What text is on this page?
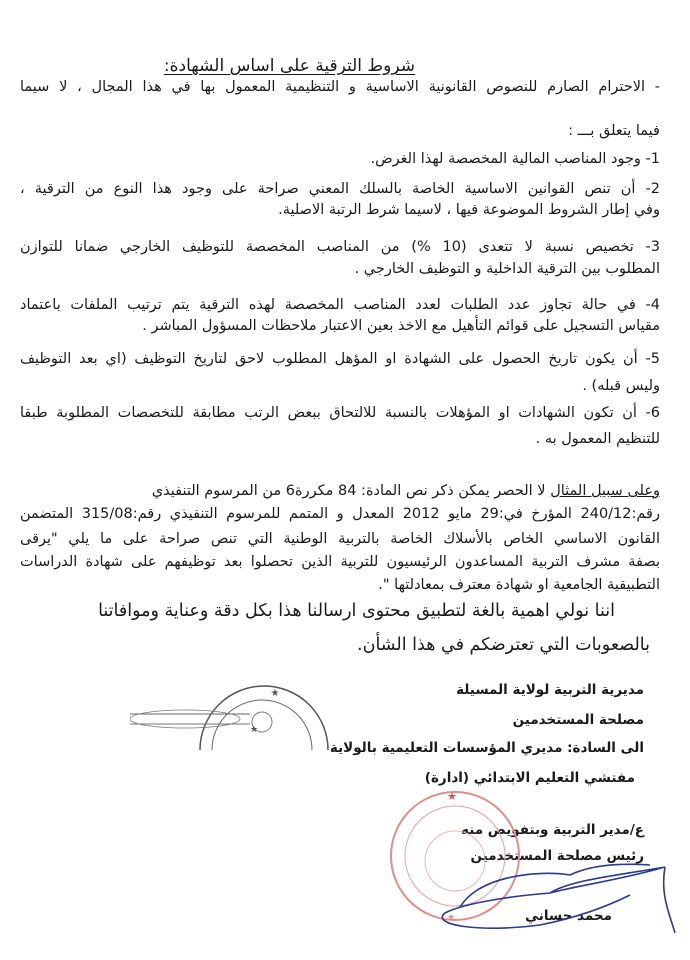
شروط الترقية على اساس الشهادة:
- الاحترام الصارم للنصوص القانونية الاساسية و التنظيمية المعمول بها في هذا المجال ، لا سيما
فيما يتعلق بـــ :
1- وجود المناصب المالية المخصصة لهذا الغرض.
2- أن تنص القوانين الاساسية الخاصة بالسلك المعني صراحة على وجود هذا النوع من الترقية ،
وفي إطار الشروط الموضوعة فيها ، لاسيما شرط الرتبة الاصلية.
3- تخصيص نسبة لا تتعدى (10 %) من المناصب المخصصة للتوظيف الخارجي ضمانا للتوازن
المطلوب بين الترقية الداخلية و التوظيف الخارجي .
4- في حالة تجاوز عدد الطلبات لعدد المناصب المخصصة لهذه الترقية يتم ترتيب الملفات باعتماد
مقياس التسجيل على قوائم التأهيل مع الاخذ بعين الاعتبار ملاحظات المسؤول المباشر .
5- أن يكون تاريخ الحصول على الشهادة او المؤهل المطلوب لاحق لتاريخ التوظيف (اي بعد التوظيف
وليس قبله) .
6- أن تكون الشهادات او المؤهلات بالنسبة للالتحاق ببعض الرتب مطابقة للتخصصات المطلوبة طبقا
للتنظيم المعمول به .
وعلى سبيل المثال لا الحصر يمكن ذكر نص المادة: 84 مكررة6 من المرسوم التنفيذي
رقم:240/12 المؤرخ في:29 مايو 2012 المعدل و المتمم للمرسوم التنفيذي رقم:315/08 المتضمن
القانون الاساسي الخاص بالأسلاك الخاصة بالتربية الوطنية التي تنص صراحة على ما يلي "يرقى
بصفة مشرف التربية المساعدون الرئيسيون للتربية الذين تحصلوا بعد توظيفهم على شهادة الدراسات
التطبيقية الجامعية او شهادة معترف بمعادلتها ".
اننا نولي اهمية بالغة لتطبيق محتوى ارسالنا هذا بكل دقة وعناية وموافاتنا
بالصعوبات التي تعترضكم في هذا الشأن.
مديرية التربية لولاية المسيلة
مصلحة المستخدمين
الى السادة: مديري المؤسسات التعليمية بالولاية
مفتشي التعليم الابتدائي (ادارة)
ع/مدير التربية وبتفويض منه
رئيس مصلحة المستخدمين
محمد حساني
★
★
★
★
